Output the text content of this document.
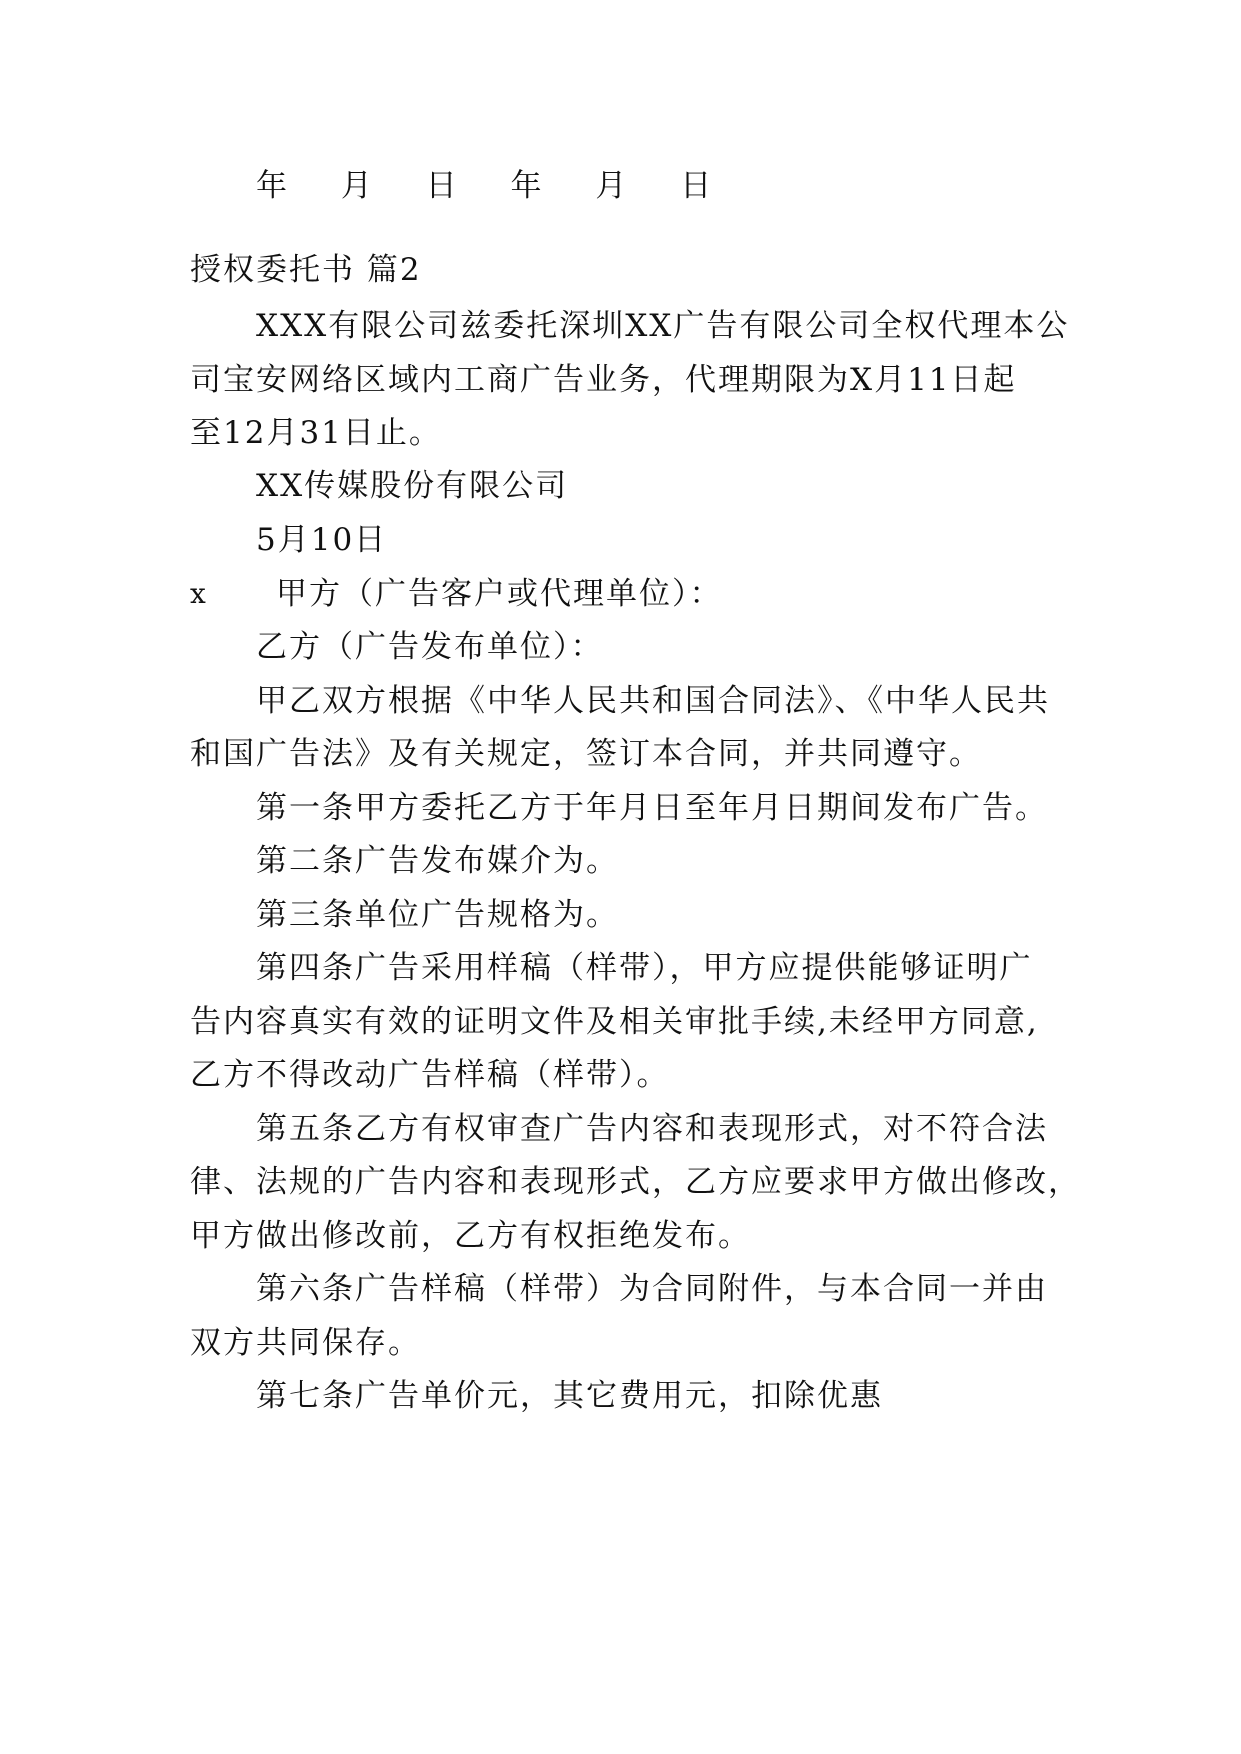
年 月 日 年 月 日
授权委托书 篇2
XXX有限公司兹委托深圳XX广告有限公司全权代理本公
司宝安网络区域内工商广告业务，代理期限为X月11日起
至12月31日止。
XX传媒股份有限公司
5月10日
x 甲方（广告客户或代理单位）：
乙方（广告发布单位）：
甲乙双方根据《中华人民共和国合同法》、《中华人民共
和国广告法》及有关规定，签订本合同，并共同遵守。
第一条甲方委托乙方于年月日至年月日期间发布广告。
第二条广告发布媒介为。
第三条单位广告规格为。
第四条广告采用样稿（样带），甲方应提供能够证明广
告内容真实有效的证明文件及相关审批手续,未经甲方同意,
乙方不得改动广告样稿（样带）。
第五条乙方有权审查广告内容和表现形式，对不符合法
律、法规的广告内容和表现形式，乙方应要求甲方做出修改，
甲方做出修改前，乙方有权拒绝发布。
第六条广告样稿（样带）为合同附件，与本合同一并由
双方共同保存。
第七条广告单价元，其它费用元，扣除优惠
